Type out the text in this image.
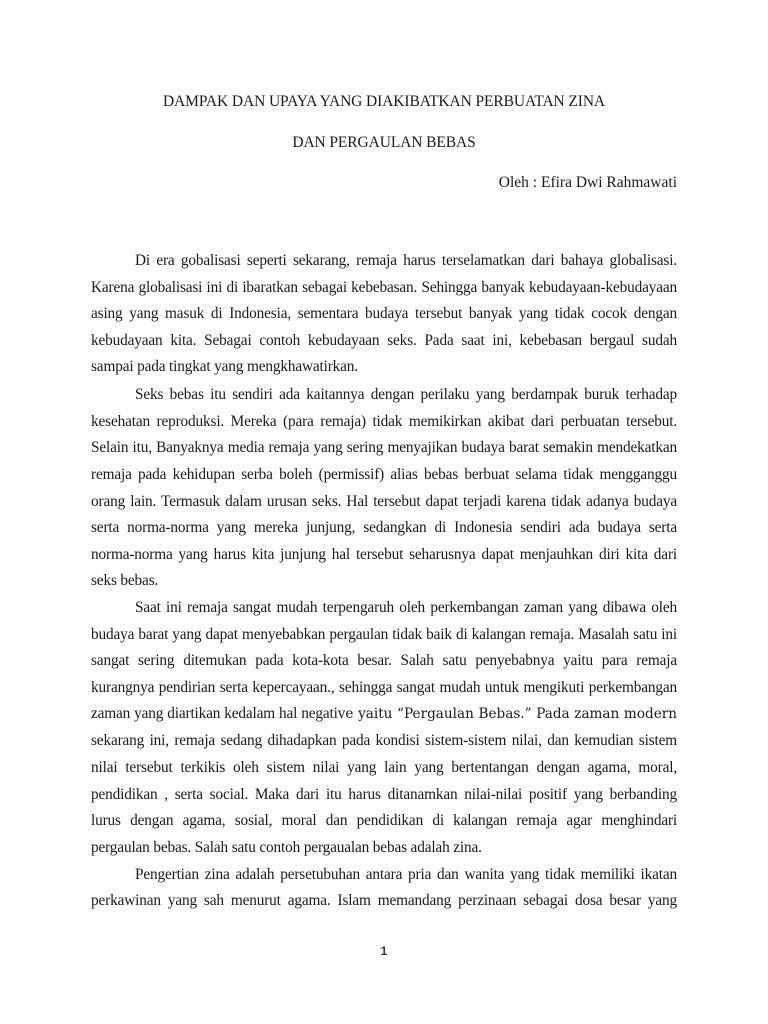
DAMPAK DAN UPAYA YANG DIAKIBATKAN PERBUATAN ZINA
DAN PERGAULAN BEBAS
Oleh : Efira Dwi Rahmawati
Di era gobalisasi seperti sekarang, remaja harus terselamatkan dari bahaya globalisasi.
Karena globalisasi ini di ibaratkan sebagai kebebasan. Sehingga banyak kebudayaan-kebudayaan
asing yang masuk di Indonesia, sementara budaya tersebut banyak yang tidak cocok dengan
kebudayaan kita. Sebagai contoh kebudayaan seks. Pada saat ini, kebebasan bergaul sudah
sampai pada tingkat yang mengkhawatirkan.
Seks bebas itu sendiri ada kaitannya dengan perilaku yang berdampak buruk terhadap
kesehatan reproduksi. Mereka (para remaja) tidak memikirkan akibat dari perbuatan tersebut.
Selain itu, Banyaknya media remaja yang sering menyajikan budaya barat semakin mendekatkan
remaja pada kehidupan serba boleh (permissif) alias bebas berbuat selama tidak mengganggu
orang lain. Termasuk dalam urusan seks. Hal tersebut dapat terjadi karena tidak adanya budaya
serta norma-norma yang mereka junjung, sedangkan di Indonesia sendiri ada budaya serta
norma-norma yang harus kita junjung hal tersebut seharusnya dapat menjauhkan diri kita dari
seks bebas.
Saat ini remaja sangat mudah terpengaruh oleh perkembangan zaman yang dibawa oleh
budaya barat yang dapat menyebabkan pergaulan tidak baik di kalangan remaja. Masalah satu ini
sangat sering ditemukan pada kota-kota besar. Salah satu penyebabnya yaitu para remaja
kurangnya pendirian serta kepercayaan., sehingga sangat mudah untuk mengikuti perkembangan
zaman yang diartikan kedalam hal negative yaitu “Pergaulan Bebas.” Pada zaman modern
sekarang ini, remaja sedang dihadapkan pada kondisi sistem-sistem nilai, dan kemudian sistem
nilai tersebut terkikis oleh sistem nilai yang lain yang bertentangan dengan agama, moral,
pendidikan , serta social. Maka dari itu harus ditanamkan nilai-nilai positif yang berbanding
lurus dengan agama, sosial, moral dan pendidikan di kalangan remaja agar menghindari
pergaulan bebas. Salah satu contoh pergaualan bebas adalah zina.
Pengertian zina adalah persetubuhan antara pria dan wanita yang tidak memiliki ikatan
perkawinan yang sah menurut agama. Islam memandang perzinaan sebagai dosa besar yang
1
